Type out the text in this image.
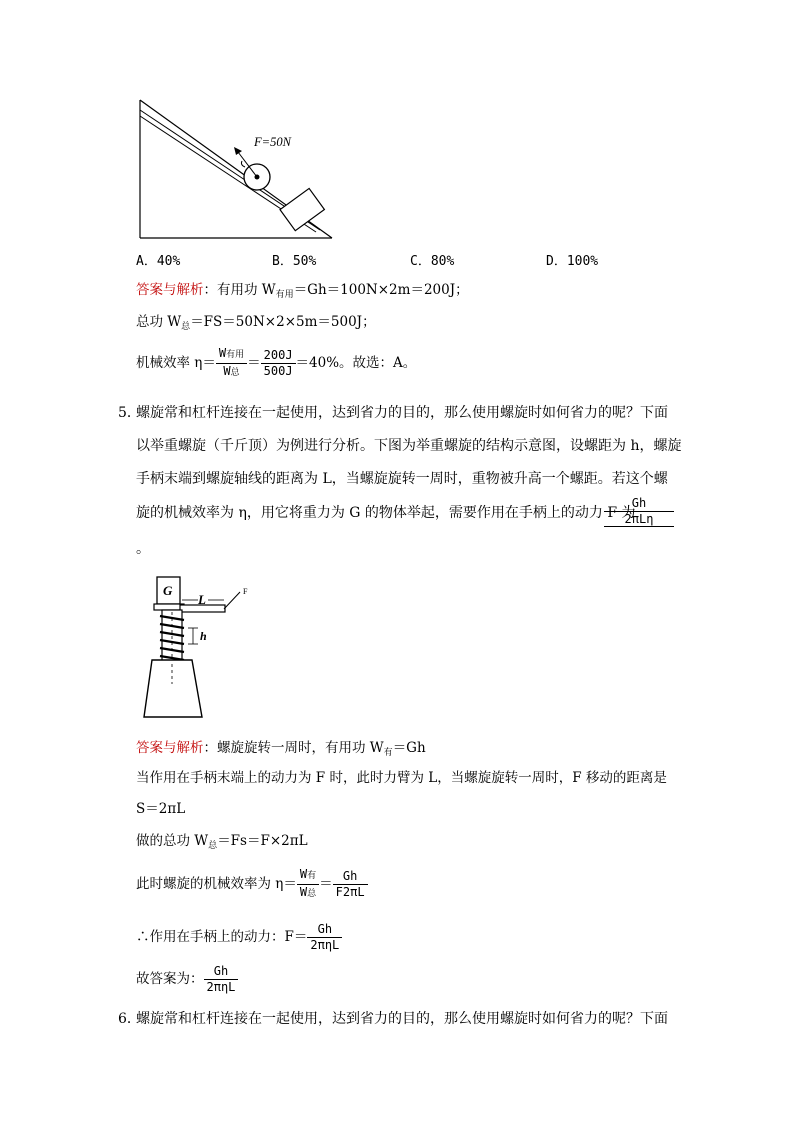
F=50N
A．40%	B．50%	C．80%	D．100%
答案与解析：有用功 $W_{有用}=Gh=100N\times 2m=200J$；
总功 $W_总=FS=50N\times 2\times 5m=500J$；
机械效率 $\eta= \frac{\text{W有用}}{\text{W总}} = \frac{200J}{500J} =40\%$。故选：A。
5．
螺旋常和杠杆连接在一起使用，达到省力的目的，那么使用螺旋时如何省力的呢？下面
以举重螺旋（千斤顶）为例进行分析。下图为举重螺旋的结构示意图，设螺距为 h，螺旋
手柄末端到螺旋轴线的距离为 L，当螺旋旋转一周时，重物被升高一个螺距。若这个螺
旋的机械效率为 η，用它将重力为 G 的物体举起，需要作用在手柄上的动力 F 为
$\frac{Gh}{\text{2πLη}}$
。
G	F
L
h
答案与解析：螺旋旋转一周时，有用功 $W_有=Gh$
当作用在手柄末端上的动力为 F 时，此时力臂为 L，当螺旋旋转一周时，F 移动的距离是
S＝2πL
做的总功 $W_总=Fs=F\times 2\pi L$
此时螺旋的机械效率为 $\eta= \frac{\text{W有}}{\text{W总}} = \frac{Gh}{F2\pi L}$
∴作用在手柄上的动力：$F= \frac{Gh}{\text{2πηL}}$
故答案为： $\frac{Gh}{\text{2πηL}}$
6．
螺旋常和杠杆连接在一起使用，达到省力的目的，那么使用螺旋时如何省力的呢？下面
